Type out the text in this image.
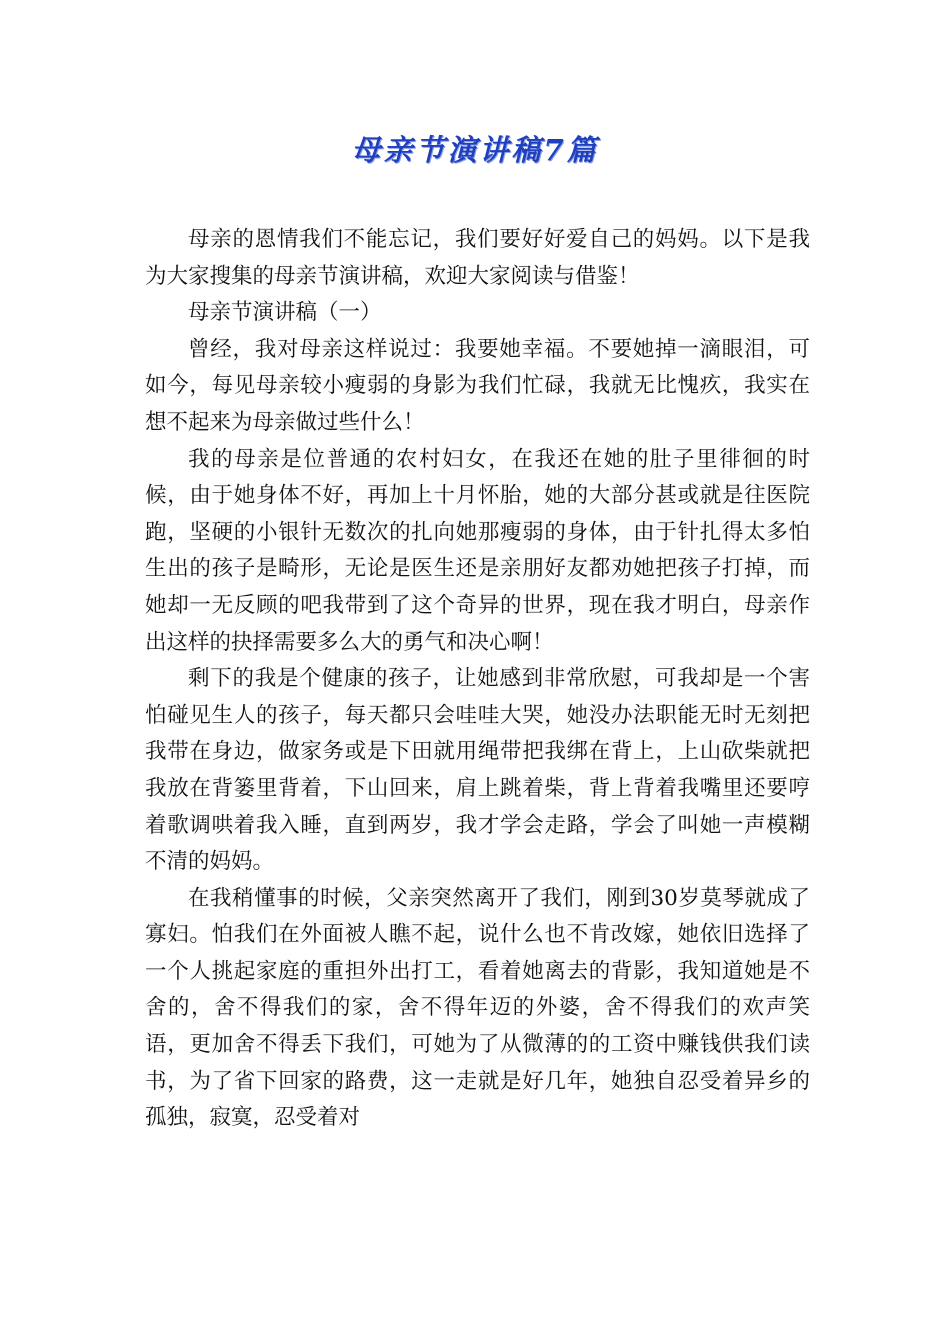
母亲节演讲稿7篇

母亲的恩情我们不能忘记，我们要好好爱自己的妈妈。以下是我为大家搜集的母亲节演讲稿，欢迎大家阅读与借鉴！

母亲节演讲稿（一）

曾经，我对母亲这样说过：我要她幸福。不要她掉一滴眼泪，可如今，每见母亲较小瘦弱的身影为我们忙碌，我就无比愧疚，我实在想不起来为母亲做过些什么！

我的母亲是位普通的农村妇女，在我还在她的肚子里徘徊的时候，由于她身体不好，再加上十月怀胎，她的大部分甚或就是往医院跑，坚硬的小银针无数次的扎向她那瘦弱的身体，由于针扎得太多怕生出的孩子是畸形，无论是医生还是亲朋好友都劝她把孩子打掉，而她却一无反顾的吧我带到了这个奇异的世界，现在我才明白，母亲作出这样的抉择需要多么大的勇气和决心啊！

剩下的我是个健康的孩子，让她感到非常欣慰，可我却是一个害怕碰见生人的孩子，每天都只会哇哇大哭，她没办法职能无时无刻把我带在身边，做家务或是下田就用绳带把我绑在背上，上山砍柴就把我放在背篓里背着，下山回来，肩上跳着柴，背上背着我嘴里还要哼着歌调哄着我入睡，直到两岁，我才学会走路，学会了叫她一声模糊不清的妈妈。

在我稍懂事的时候，父亲突然离开了我们，刚到30岁莫琴就成了寡妇。怕我们在外面被人瞧不起，说什么也不肯改嫁，她依旧选择了一个人挑起家庭的重担外出打工，看着她离去的背影，我知道她是不舍的，舍不得我们的家，舍不得年迈的外婆，舍不得我们的欢声笑语，更加舍不得丢下我们，可她为了从微薄的的工资中赚钱供我们读书，为了省下回家的路费，这一走就是好几年，她独自忍受着异乡的孤独，寂寞，忍受着对
